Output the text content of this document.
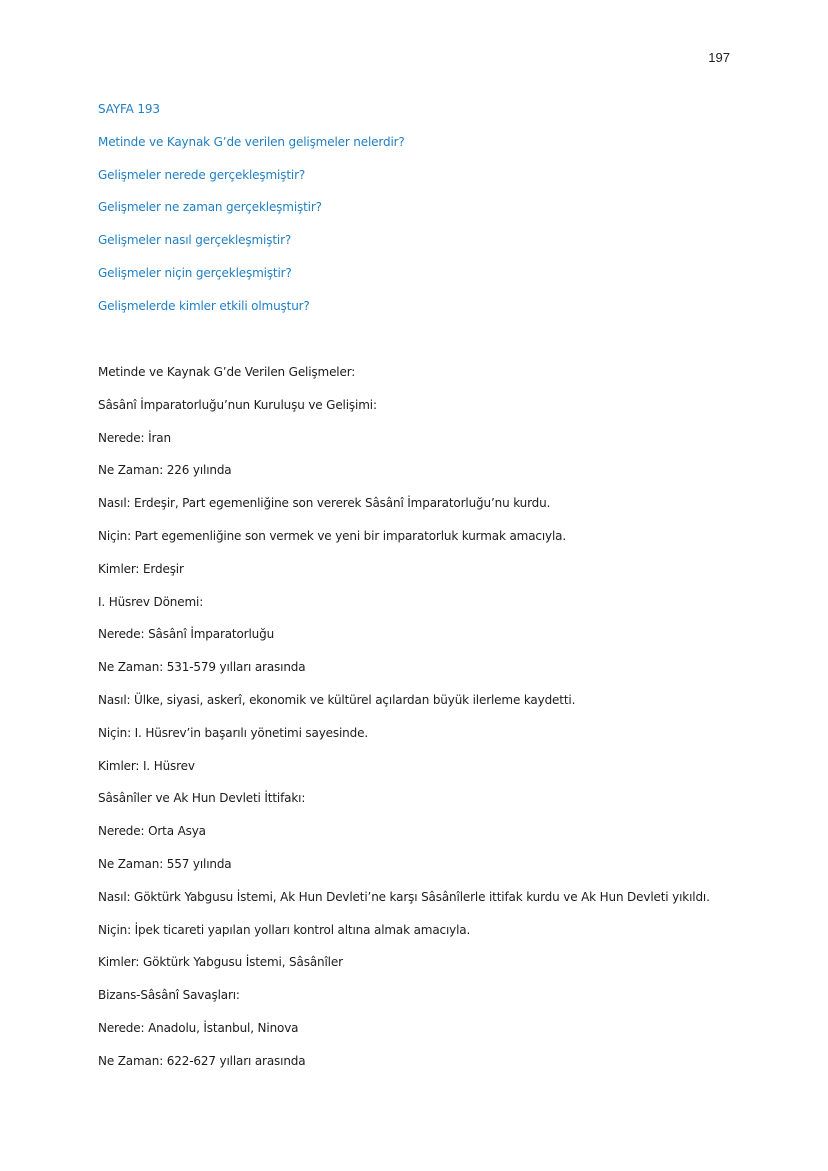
197
SAYFA 193
Metinde ve Kaynak G’de verilen gelişmeler nelerdir?
Gelişmeler nerede gerçekleşmiştir?
Gelişmeler ne zaman gerçekleşmiştir?
Gelişmeler nasıl gerçekleşmiştir?
Gelişmeler niçin gerçekleşmiştir?
Gelişmelerde kimler etkili olmuştur?
Metinde ve Kaynak G’de Verilen Gelişmeler:
Sâsânî İmparatorluğu’nun Kuruluşu ve Gelişimi:
Nerede: İran
Ne Zaman: 226 yılında
Nasıl: Erdeşir, Part egemenliğine son vererek Sâsânî İmparatorluğu’nu kurdu.
Niçin: Part egemenliğine son vermek ve yeni bir imparatorluk kurmak amacıyla.
Kimler: Erdeşir
I. Hüsrev Dönemi:
Nerede: Sâsânî İmparatorluğu
Ne Zaman: 531-579 yılları arasında
Nasıl: Ülke, siyasi, askerî, ekonomik ve kültürel açılardan büyük ilerleme kaydetti.
Niçin: I. Hüsrev’in başarılı yönetimi sayesinde.
Kimler: I. Hüsrev
Sâsânîler ve Ak Hun Devleti İttifakı:
Nerede: Orta Asya
Ne Zaman: 557 yılında
Nasıl: Göktürk Yabgusu İstemi, Ak Hun Devleti’ne karşı Sâsânîlerle ittifak kurdu ve Ak Hun Devleti yıkıldı.
Niçin: İpek ticareti yapılan yolları kontrol altına almak amacıyla.
Kimler: Göktürk Yabgusu İstemi, Sâsânîler
Bizans-Sâsânî Savaşları:
Nerede: Anadolu, İstanbul, Ninova
Ne Zaman: 622-627 yılları arasında
